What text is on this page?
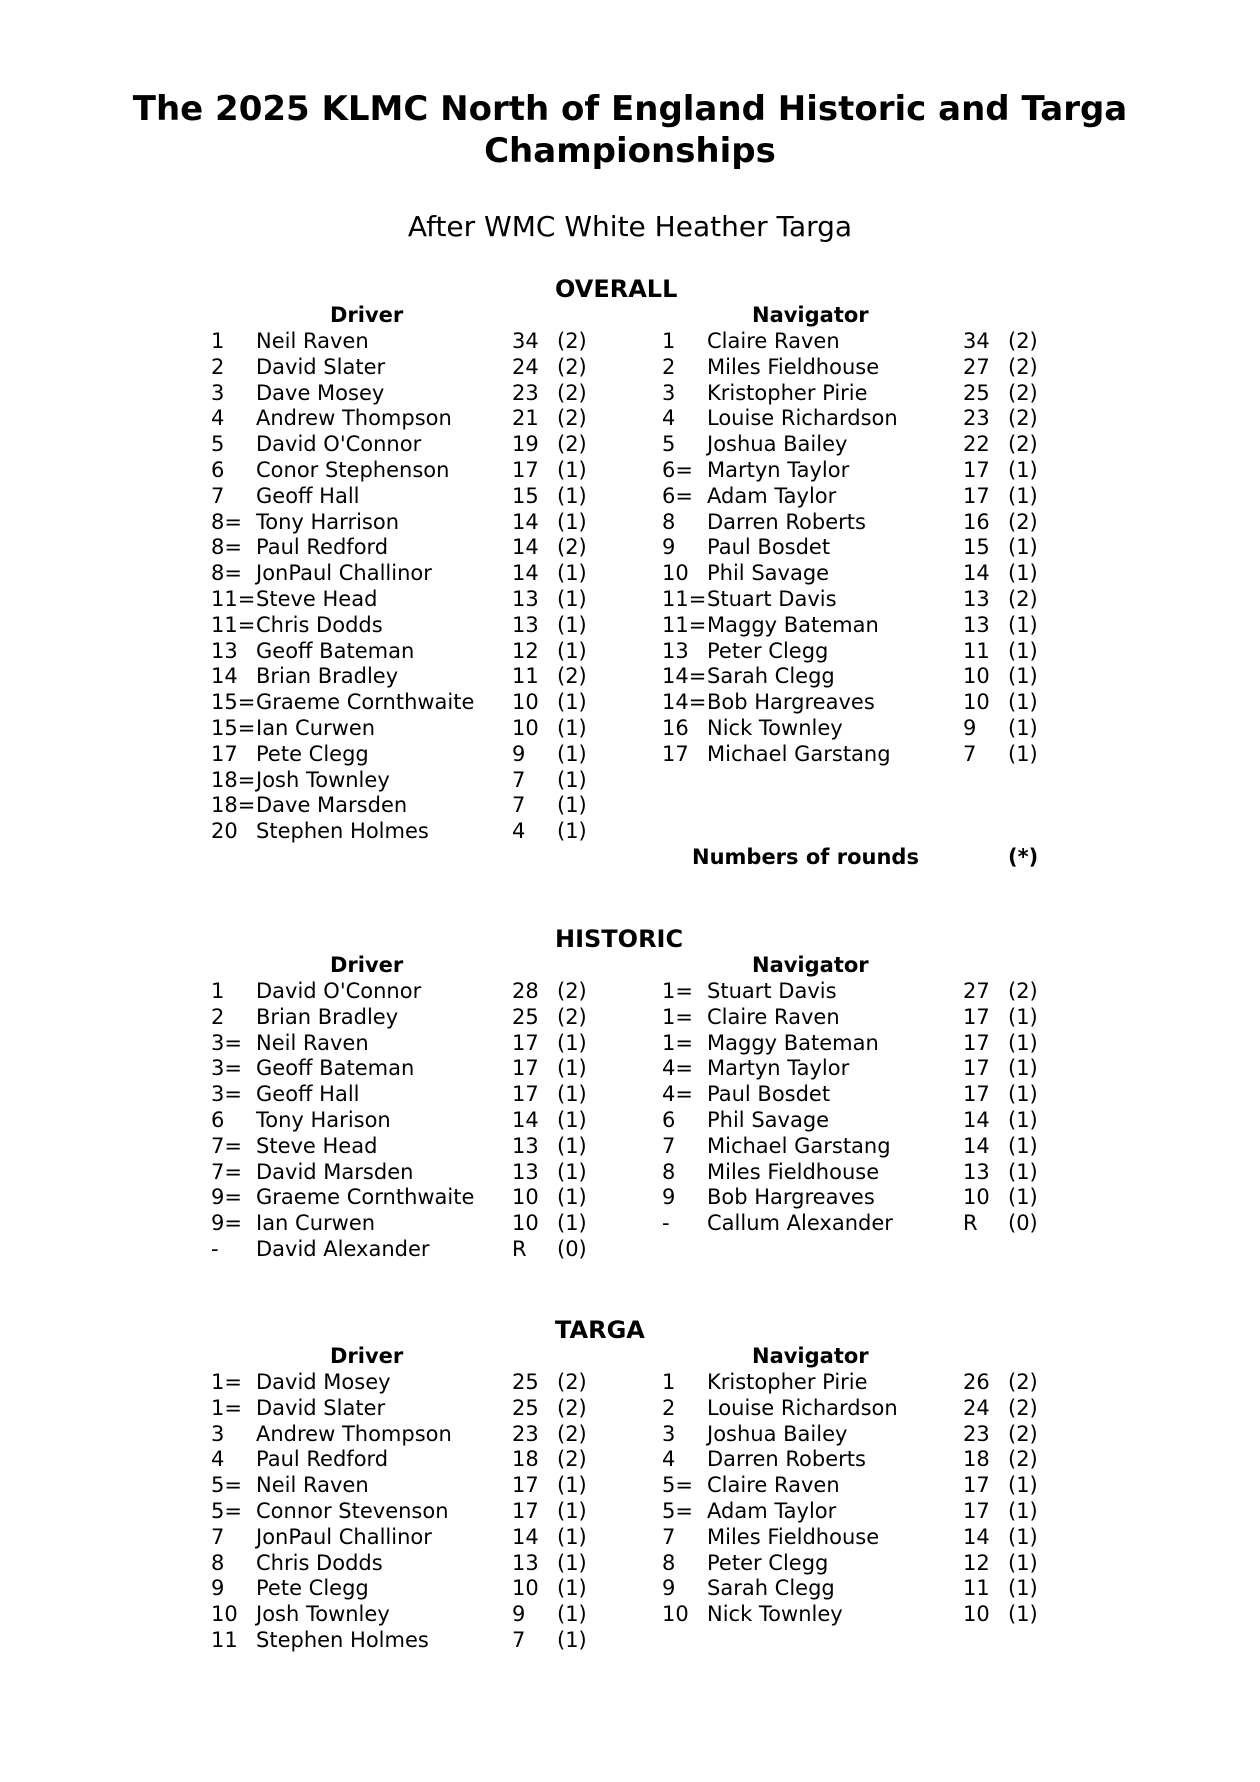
The 2025 KLMC North of England Historic and Targa
Championships
After WMC White Heather Targa
OVERALL
Driver	Navigator
1 Neil Raven	34 (2)
2 David Slater	24 (2)
3 Dave Mosey	23 (2)
4 Andrew Thompson	21 (2)
5 David O'Connor	19 (2)
6 Conor Stephenson	17 (1)
7 Geoff Hall	15 (1)
8= Tony Harrison	14 (1)
8= Paul Redford	14 (2)
8= JonPaul Challinor	14 (1)
11= Steve Head	13 (1)
11= Chris Dodds	13 (1)
13 Geoff Bateman	12 (1)
14 Brian Bradley	11 (2)
15= Graeme Cornthwaite 10 (1)
15= Ian Curwen	10 (1)
17 Pete Clegg	9 (1)
18= Josh Townley	7 (1)
18= Dave Marsden	7 (1)
20 Stephen Holmes	4 (1)
1 Claire Raven	34 (2)
2 Miles Fieldhouse	27 (2)
3 Kristopher Pirie	25 (2)
4 Louise Richardson	23 (2)
5 Joshua Bailey	22 (2)
6= Martyn Taylor	17 (1)
6= Adam Taylor	17 (1)
8 Darren Roberts	16 (2)
9 Paul Bosdet	15 (1)
10 Phil Savage	14 (1)
11= Stuart Davis	13 (2)
11= Maggy Bateman	13 (1)
13 Peter Clegg	11 (1)
14= Sarah Clegg	10 (1)
14= Bob Hargreaves	10 (1)
16 Nick Townley	9 (1)
17 Michael Garstang	7 (1)
Numbers of rounds	(*)
HISTORIC
Driver	Navigator
1 David O'Connor	28 (2)
2 Brian Bradley	25 (2)
3= Neil Raven	17 (1)
3= Geoff Bateman	17 (1)
3= Geoff Hall	17 (1)
6 Tony Harison	14 (1)
7= Steve Head	13 (1)
7= David Marsden	13 (1)
9= Graeme Cornthwaite 10 (1)
9= Ian Curwen	10 (1)
- David Alexander	R (0)
1= Stuart Davis	27 (2)
1= Claire Raven	17 (1)
1= Maggy Bateman	17 (1)
4= Martyn Taylor	17 (1)
4= Paul Bosdet	17 (1)
6 Phil Savage	14 (1)
7 Michael Garstang	14 (1)
8 Miles Fieldhouse	13 (1)
9 Bob Hargreaves	10 (1)
- Callum Alexander	R (0)
TARGA
Driver	Navigator
1= David Mosey	25 (2)
1= David Slater	25 (2)
3 Andrew Thompson	23 (2)
4 Paul Redford	18 (2)
5= Neil Raven	17 (1)
5= Connor Stevenson	17 (1)
7 JonPaul Challinor	14 (1)
8 Chris Dodds	13 (1)
9 Pete Clegg	10 (1)
10 Josh Townley	9 (1)
11 Stephen Holmes	7 (1)
1 Kristopher Pirie	26 (2)
2 Louise Richardson	24 (2)
3 Joshua Bailey	23 (2)
4 Darren Roberts	18 (2)
5= Claire Raven	17 (1)
5= Adam Taylor	17 (1)
7 Miles Fieldhouse	14 (1)
8 Peter Clegg	12 (1)
9 Sarah Clegg	11 (1)
10 Nick Townley	10 (1)
